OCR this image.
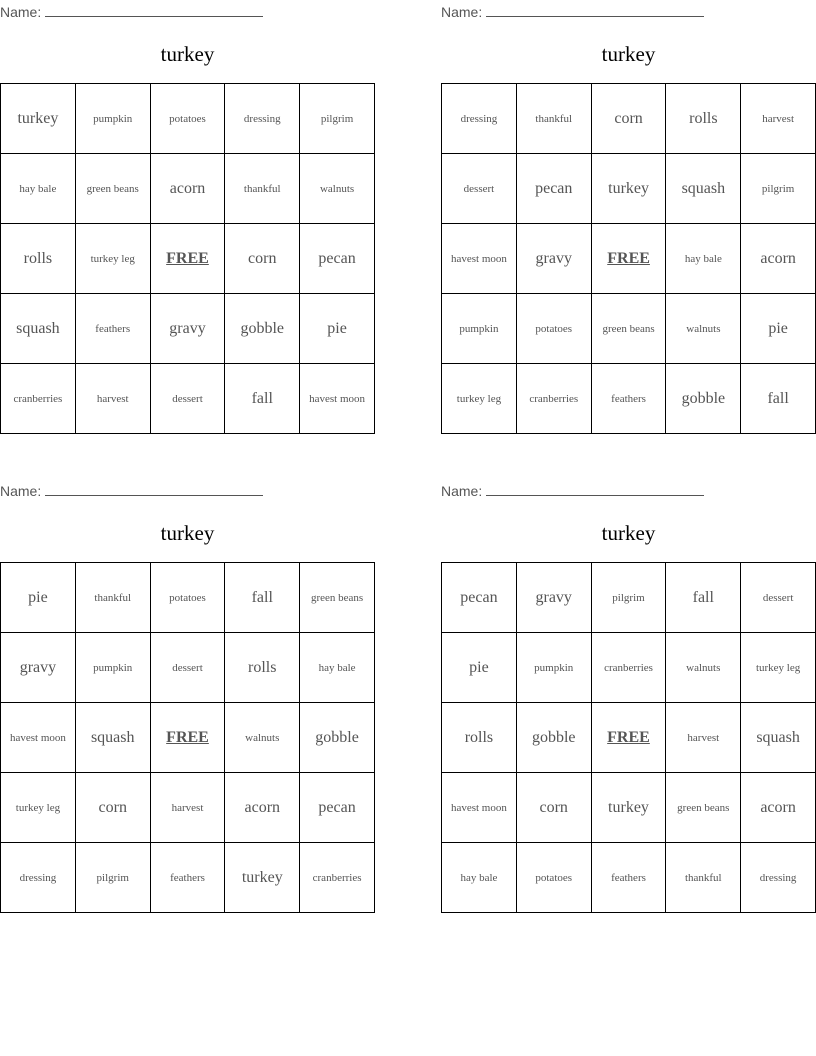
Name:
turkey
turkey	pumpkin	potatoes	dressing	pilgrim
hay bale	green beans	acorn	thankful	walnuts
rolls	turkey leg	FREE	corn	pecan
squash	feathers	gravy	gobble	pie
cranberries	harvest	dessert	fall	havest moon
Name:
turkey
dressing	thankful	corn	rolls	harvest
dessert	pecan	turkey	squash	pilgrim
havest moon	gravy	FREE	hay bale	acorn
pumpkin	potatoes	green beans	walnuts	pie
turkey leg	cranberries	feathers	gobble	fall
Name:
turkey
pie	thankful	potatoes	fall	green beans
gravy	pumpkin	dessert	rolls	hay bale
havest moon	squash	FREE	walnuts	gobble
turkey leg	corn	harvest	acorn	pecan
dressing	pilgrim	feathers	turkey	cranberries
Name:
turkey
pecan	gravy	pilgrim	fall	dessert
pie	pumpkin	cranberries	walnuts	turkey leg
rolls	gobble	FREE	harvest	squash
havest moon	corn	turkey	green beans	acorn
hay bale	potatoes	feathers	thankful	dressing
